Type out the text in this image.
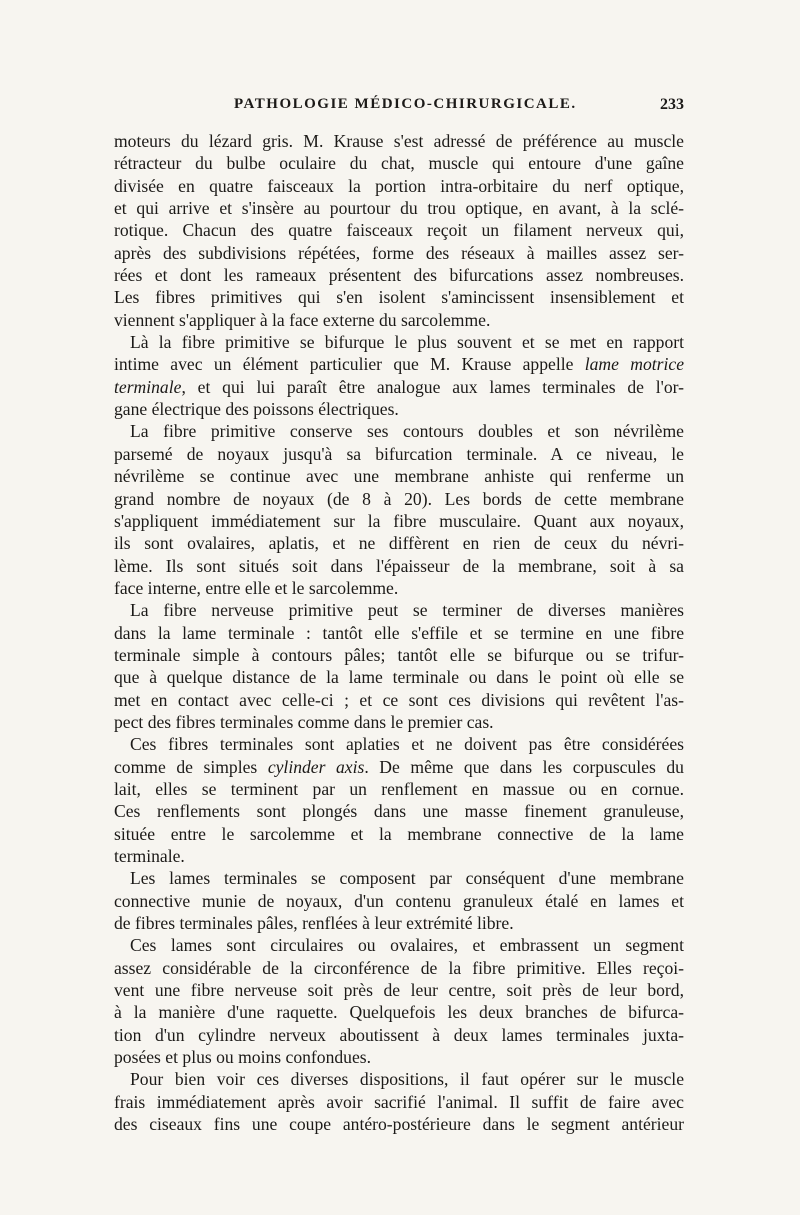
PATHOLOGIE MÉDICO-CHIRURGICALE.	233
moteurs du lézard gris. M. Krause s'est adressé de préférence au muscle
rétracteur du bulbe oculaire du chat, muscle qui entoure d'une gaîne
divisée en quatre faisceaux la portion intra-orbitaire du nerf optique,
et qui arrive et s'insère au pourtour du trou optique, en avant, à la sclé-
rotique. Chacun des quatre faisceaux reçoit un filament nerveux qui,
après des subdivisions répétées, forme des réseaux à mailles assez ser-
rées et dont les rameaux présentent des bifurcations assez nombreuses.
Les fibres primitives qui s'en isolent s'amincissent insensiblement et
viennent s'appliquer à la face externe du sarcolemme.
Là la fibre primitive se bifurque le plus souvent et se met en rapport
intime avec un élément particulier que M. Krause appelle lame motrice
terminale, et qui lui paraît être analogue aux lames terminales de l'or-
gane électrique des poissons électriques.
La fibre primitive conserve ses contours doubles et son névrilème
parsemé de noyaux jusqu'à sa bifurcation terminale. A ce niveau, le
névrilème se continue avec une membrane anhiste qui renferme un
grand nombre de noyaux (de 8 à 20). Les bords de cette membrane
s'appliquent immédiatement sur la fibre musculaire. Quant aux noyaux,
ils sont ovalaires, aplatis, et ne diffèrent en rien de ceux du névri-
lème. Ils sont situés soit dans l'épaisseur de la membrane, soit à sa
face interne, entre elle et le sarcolemme.
La fibre nerveuse primitive peut se terminer de diverses manières
dans la lame terminale : tantôt elle s'effile et se termine en une fibre
terminale simple à contours pâles; tantôt elle se bifurque ou se trifur-
que à quelque distance de la lame terminale ou dans le point où elle se
met en contact avec celle-ci ; et ce sont ces divisions qui revêtent l'as-
pect des fibres terminales comme dans le premier cas.
Ces fibres terminales sont aplaties et ne doivent pas être considérées
comme de simples cylinder axis. De même que dans les corpuscules du
lait, elles se terminent par un renflement en massue ou en cornue.
Ces renflements sont plongés dans une masse finement granuleuse,
située entre le sarcolemme et la membrane connective de la lame
terminale.
Les lames terminales se composent par conséquent d'une membrane
connective munie de noyaux, d'un contenu granuleux étalé en lames et
de fibres terminales pâles, renflées à leur extrémité libre.
Ces lames sont circulaires ou ovalaires, et embrassent un segment
assez considérable de la circonférence de la fibre primitive. Elles reçoi-
vent une fibre nerveuse soit près de leur centre, soit près de leur bord,
à la manière d'une raquette. Quelquefois les deux branches de bifurca-
tion d'un cylindre nerveux aboutissent à deux lames terminales juxta-
posées et plus ou moins confondues.
Pour bien voir ces diverses dispositions, il faut opérer sur le muscle
frais immédiatement après avoir sacrifié l'animal. Il suffit de faire avec
des ciseaux fins une coupe antéro-postérieure dans le segment antérieur
